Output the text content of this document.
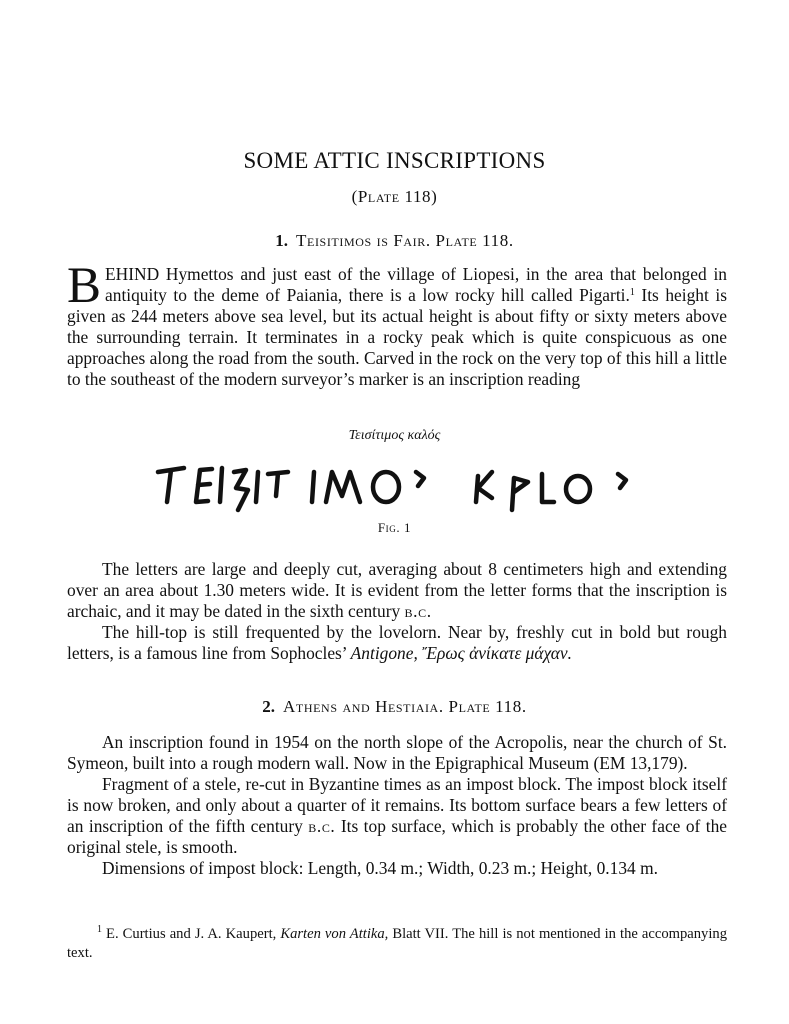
SOME ATTIC INSCRIPTIONS
(Plate 118)
1. Teisitimos is Fair. Plate 118.

BEHIND Hymettos and just east of the village of Liopesi, in the area that belonged in antiquity to the deme of Paiania, there is a low rocky hill called Pigarti.$^1$ Its height is given as 244 meters above sea level, but its actual height is about fifty or sixty meters above the surrounding terrain. It terminates in a rocky peak which is quite conspicuous as one approaches along the road from the south. Carved in the rock on the very top of this hill a little to the southeast of the modern surveyor’s marker is an inscription reading

Τεισίτιμος καλός
Fig. 1

The letters are large and deeply cut, averaging about 8 centimeters high and extending over an area about 1.30 meters wide. It is evident from the letter forms that the inscription is archaic, and it may be dated in the sixth century b.c.

The hill-top is still frequented by the lovelorn. Near by, freshly cut in bold but rough letters, is a famous line from Sophocles’ Antigone, Ἔρως ἀνίκατε μάχαν.

2. Athens and Hestiaia. Plate 118.

An inscription found in 1954 on the north slope of the Acropolis, near the church of St. Symeon, built into a rough modern wall. Now in the Epigraphical Museum (EM 13,179).

Fragment of a stele, re-cut in Byzantine times as an impost block. The impost block itself is now broken, and only about a quarter of it remains. Its bottom surface bears a few letters of an inscription of the fifth century b.c. Its top surface, which is probably the other face of the original stele, is smooth.

Dimensions of impost block: Length, 0.34 m.; Width, 0.23 m.; Height, 0.134 m.

$^1$ E. Curtius and J. A. Kaupert, Karten von Attika, Blatt VII. The hill is not mentioned in the accompanying text.
